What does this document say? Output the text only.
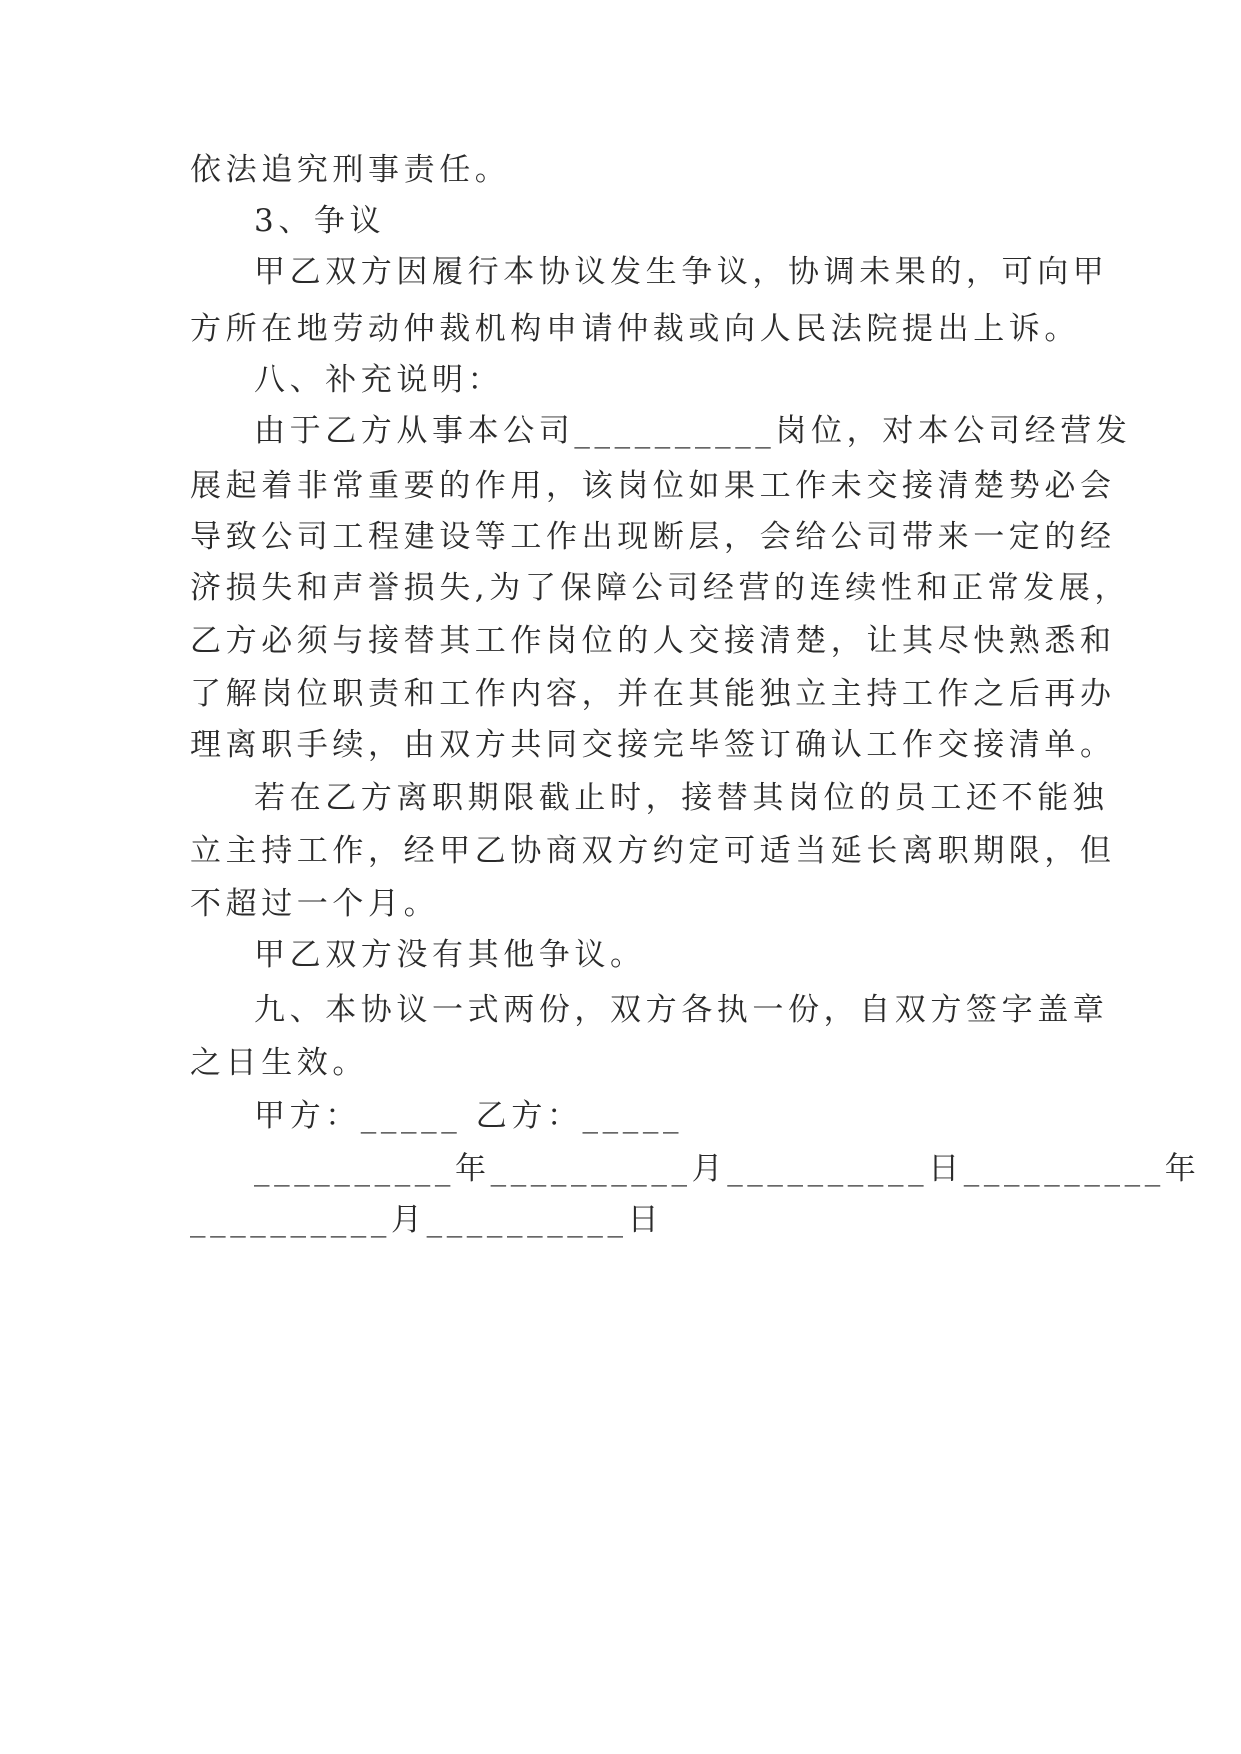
依法追究刑事责任。

3、争议

甲乙双方因履行本协议发生争议，协调未果的，可向甲

方所在地劳动仲裁机构申请仲裁或向人民法院提出上诉。

八、补充说明：

由于乙方从事本公司__________岗位，对本公司经营发

展起着非常重要的作用，该岗位如果工作未交接清楚势必会

导致公司工程建设等工作出现断层，会给公司带来一定的经

济损失和声誉损失,为了保障公司经营的连续性和正常发展，

乙方必须与接替其工作岗位的人交接清楚，让其尽快熟悉和

了解岗位职责和工作内容，并在其能独立主持工作之后再办

理离职手续，由双方共同交接完毕签订确认工作交接清单。

若在乙方离职期限截止时，接替其岗位的员工还不能独

立主持工作，经甲乙协商双方约定可适当延长离职期限，但

不超过一个月。

甲乙双方没有其他争议。

九、本协议一式两份，双方各执一份，自双方签字盖章

之日生效。

甲方：_____ 乙方：_____

__________年__________月__________日__________年

__________月__________日
